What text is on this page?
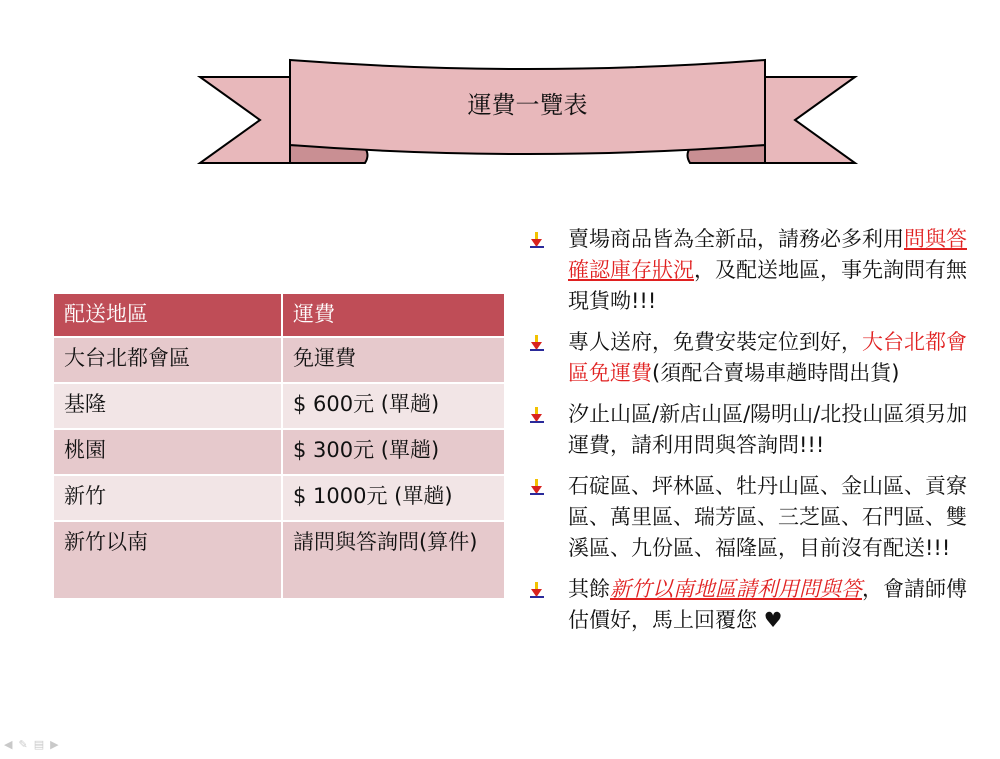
運費一覽表
配送地區	運費
大台北都會區	免運費
基隆	$ 600元 (單趟)
桃園	$ 300元 (單趟)
新竹	$ 1000元 (單趟)
新竹以南	請問與答詢問(算件)
賣場商品皆為全新品，請務必多利用問與答確認庫存狀況，及配送地區，事先詢問有無現貨呦!!!
專人送府，免費安裝定位到好，大台北都會區免運費(須配合賣場車趟時間出貨)
汐止山區/新店山區/陽明山/北投山區須另加運費，請利用問與答詢問!!!
石碇區、坪林區、牡丹山區、金山區、貢寮區、萬里區、瑞芳區、三芝區、石門區、雙溪區、九份區、福隆區，目前沒有配送!!!
其餘新竹以南地區請利用問與答，會請師傅估價好，馬上回覆您 ♥
◀ ✎ ▤ ▶
